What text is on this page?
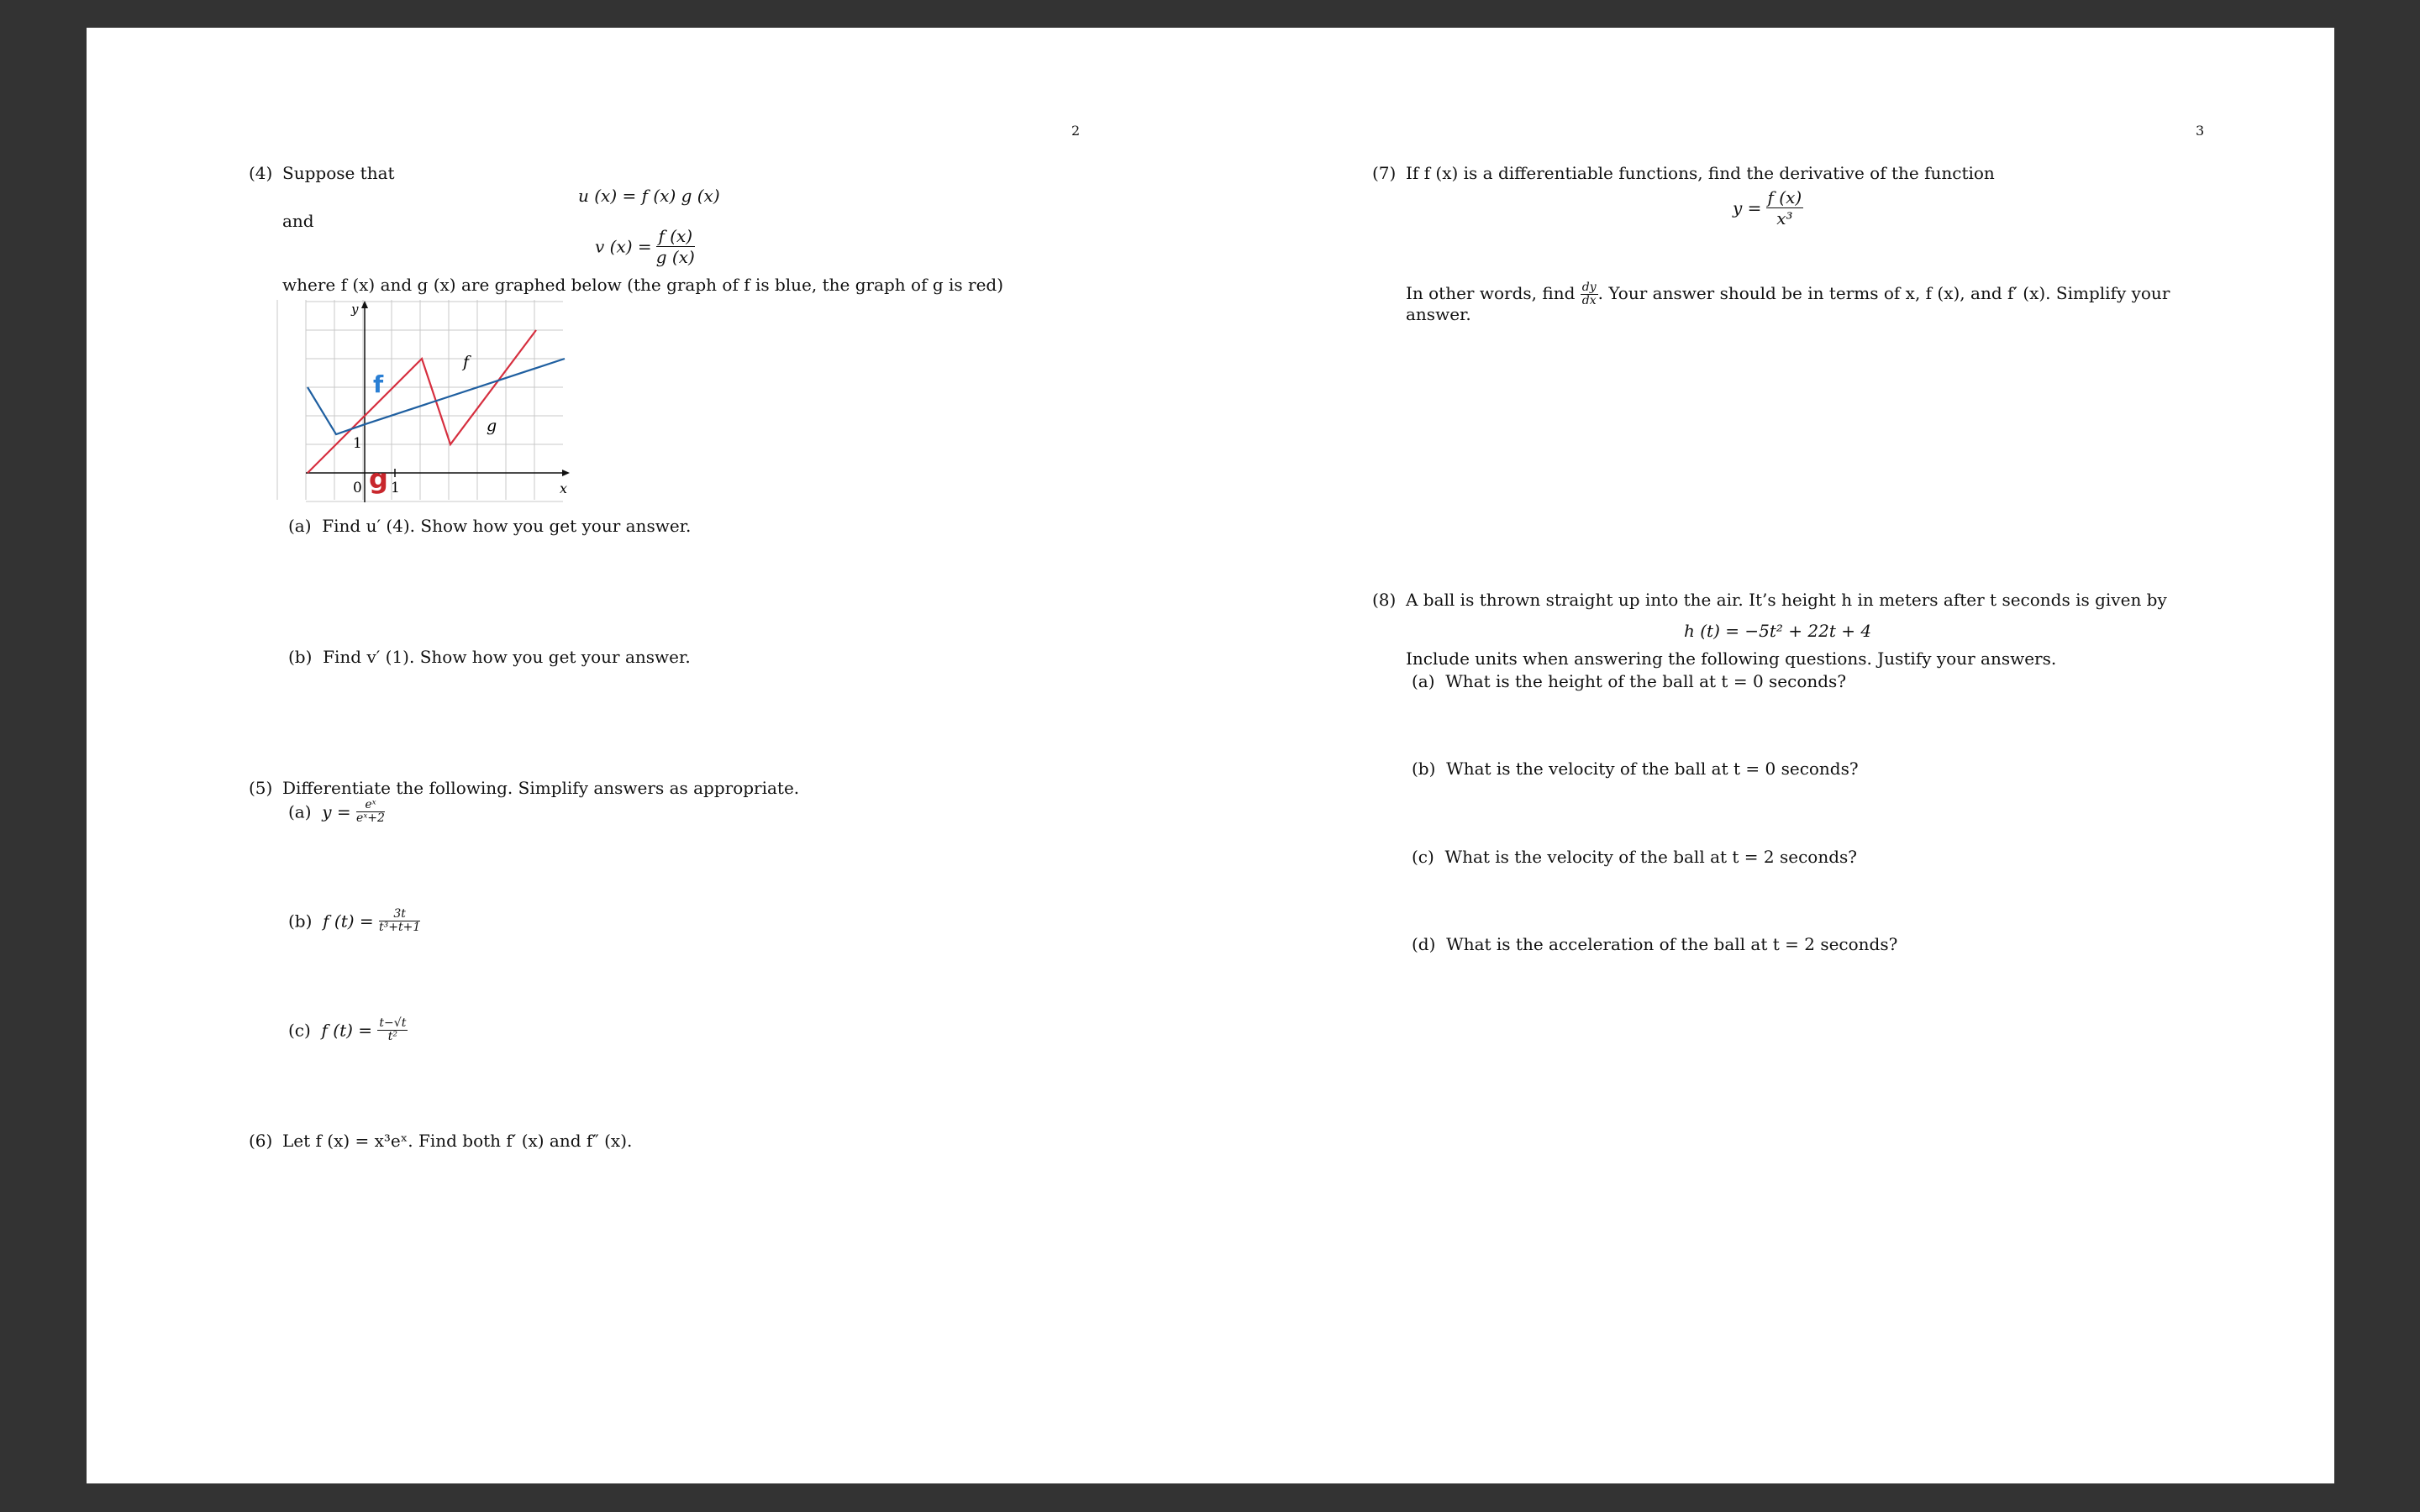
2
(4) Suppose that
u (x) = f (x) g (x)
and
v $(x) = \frac{f (x)}{g (x)}$
where f (x) and g (x) are graphed below (the graph of f is blue, the graph of g is red)
y
x
0 1
1
f
g
f
g
(a) Find u′ (4). Show how you get your answer.
(b) Find v′ (1). Show how you get your answer.
(5) Differentiate the following. Simplify answers as appropriate.
(a) $y = \frac{\text{eˣ}}{\text{eˣ+2}}$
(b) f $(t) = \frac{3t}{\text{t³+t+1}}$
(c) f $(t) = \frac{t-√t}{\text{t²}}$
(6) Let f (x) = x³eˣ. Find both f′ (x) and f″ (x).
3
(7) If f (x) is a differentiable functions, find the derivative of the function
$y = \frac{f (x)}{\text{x³}}$
In other words, find $\frac{dy}{dx}$ . Your answer should be in terms of x, f (x), and f′ (x). Simplify your
answer.
(8) A ball is thrown straight up into the air. It’s height h in meters after t seconds is given by
h (t) = −5t² + 22t + 4
Include units when answering the following questions. Justify your answers.
(a) What is the height of the ball at t = 0 seconds?
(b) What is the velocity of the ball at t = 0 seconds?
(c) What is the velocity of the ball at t = 2 seconds?
(d) What is the acceleration of the ball at t = 2 seconds?
